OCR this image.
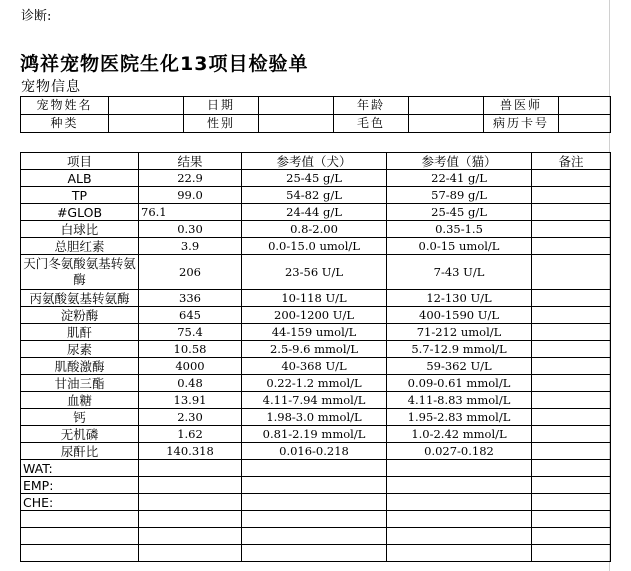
诊断:
鸿祥宠物医院生化13项目检验单
宠物信息
宠物姓名		日期		年龄		兽医师	
种类		性别		毛色		病历卡号	
项目	结果	参考值（犬）	参考值（猫）	备注
ALB	22.9	25-45 g/L	22-41 g/L	
TP	99.0	54-82 g/L	57-89 g/L	
#GLOB	76.1	24-44 g/L	25-45 g/L	
白球比	0.30	0.8-2.00	0.35-1.5	
总胆红素	3.9	0.0-15.0 umol/L	0.0-15 umol/L	
天门冬氨酸氨基转氨酶	206	23-56 U/L	7-43 U/L	
丙氨酸氨基转氨酶	336	10-118 U/L	12-130 U/L	
淀粉酶	645	200-1200 U/L	400-1590 U/L	
肌酐	75.4	44-159 umol/L	71-212 umol/L	
尿素	10.58	2.5-9.6 mmol/L	5.7-12.9 mmol/L	
肌酸激酶	4000	40-368 U/L	59-362 U/L	
甘油三酯	0.48	0.22-1.2 mmol/L	0.09-0.61 mmol/L	
血糖	13.91	4.11-7.94 mmol/L	4.11-8.83 mmol/L	
钙	2.30	1.98-3.0 mmol/L	1.95-2.83 mmol/L	
无机磷	1.62	0.81-2.19 mmol/L	1.0-2.42 mmol/L	
尿酐比	140.318	0.016-0.218	0.027-0.182	
WAT:				
EMP:				
CHE:				
